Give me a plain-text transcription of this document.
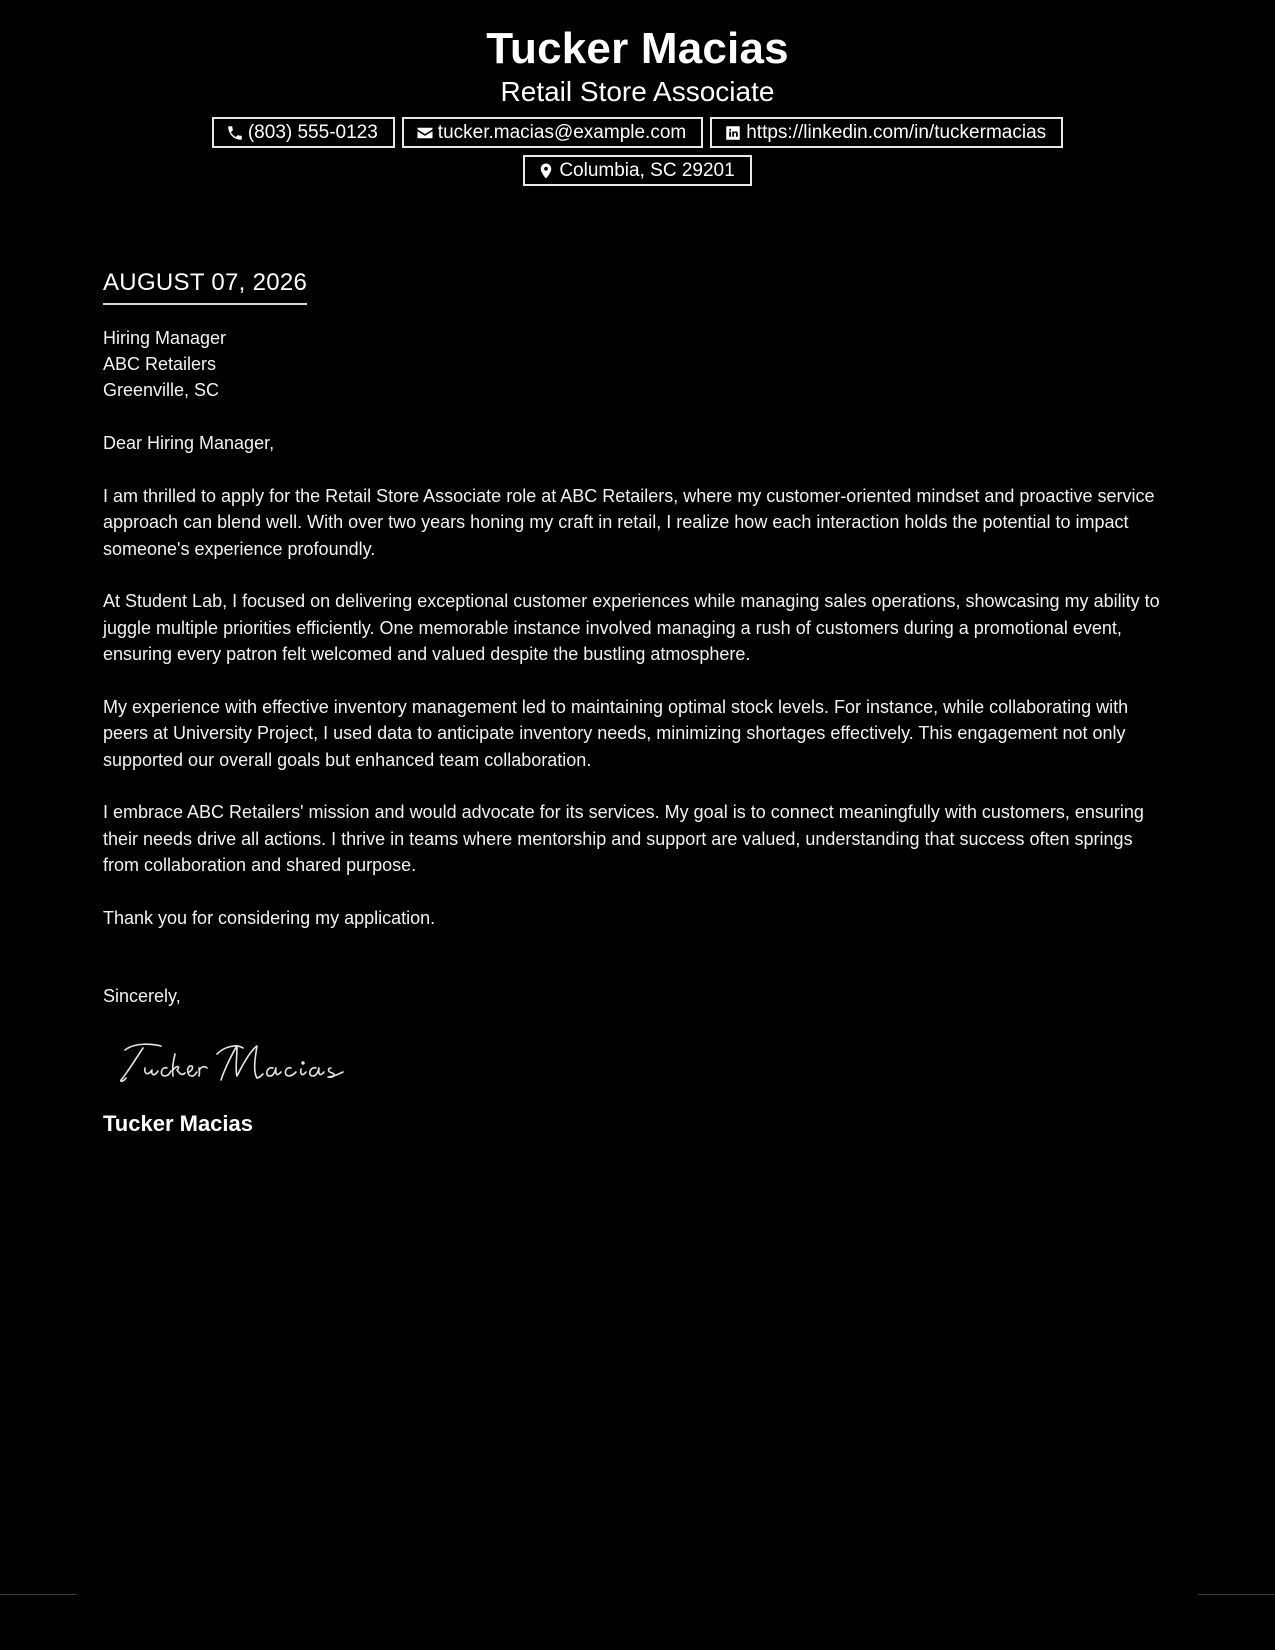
Tucker Macias
Retail Store Associate
(803) 555-0123	tucker.macias@example.com	https://linkedin.com/in/tuckermacias
Columbia, SC 29201
AUGUST 07, 2026
Hiring Manager
ABC Retailers
Greenville, SC
Dear Hiring Manager,
I am thrilled to apply for the Retail Store Associate role at ABC Retailers, where my customer-oriented mindset and proactive service approach can blend well. With over two years honing my craft in retail, I realize how each interaction holds the potential to impact someone's experience profoundly.
At Student Lab, I focused on delivering exceptional customer experiences while managing sales operations, showcasing my ability to juggle multiple priorities efficiently. One memorable instance involved managing a rush of customers during a promotional event, ensuring every patron felt welcomed and valued despite the bustling atmosphere.
My experience with effective inventory management led to maintaining optimal stock levels. For instance, while collaborating with peers at University Project, I used data to anticipate inventory needs, minimizing shortages effectively. This engagement not only supported our overall goals but enhanced team collaboration.
I embrace ABC Retailers' mission and would advocate for its services. My goal is to connect meaningfully with customers, ensuring their needs drive all actions. I thrive in teams where mentorship and support are valued, understanding that success often springs from collaboration and shared purpose.
Thank you for considering my application.
Sincerely,
Tucker Macias
